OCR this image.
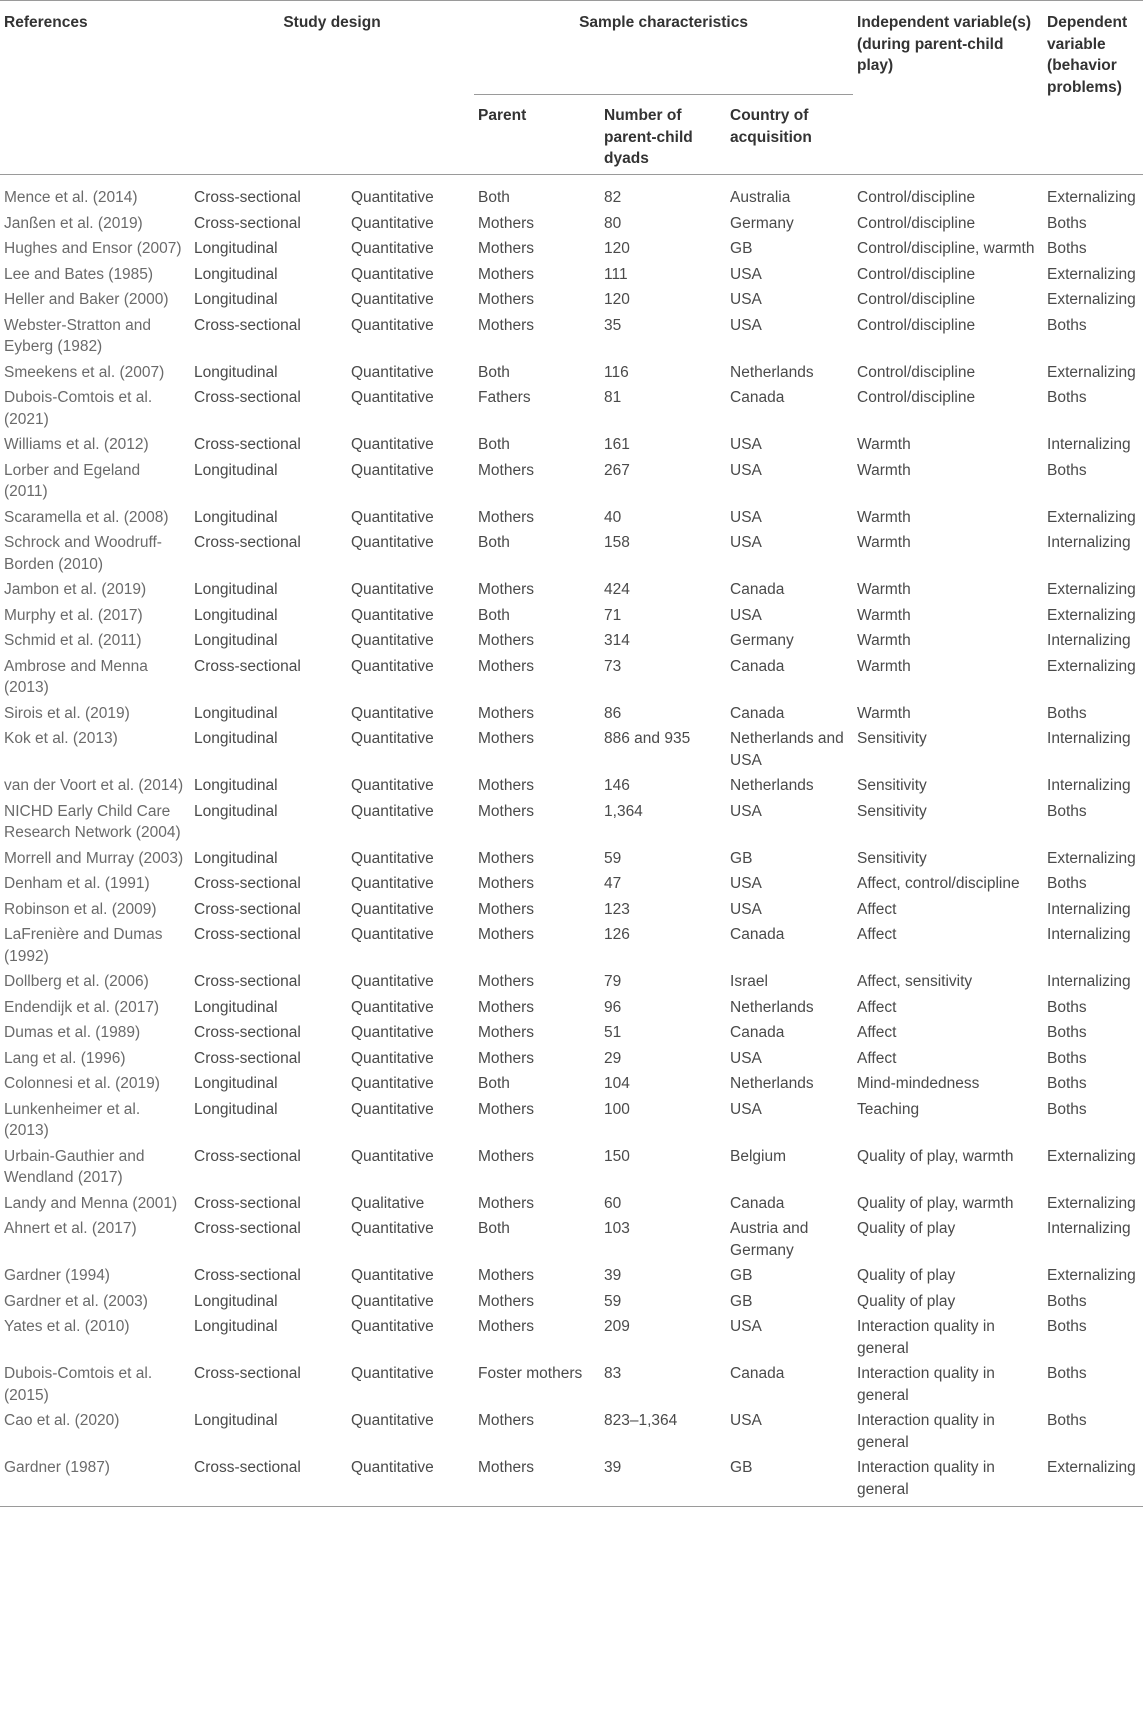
References	Study design		Sample characteristics			Independent variable(s) (during parent-child play)	Dependent variable (behavior problems)
			Parent	Number of parent-child dyads	Country of acquisition		
Mence et al. (2014)	Cross-sectional	Quantitative	Both	82	Australia	Control/discipline	Externalizing
Janßen et al. (2019)	Cross-sectional	Quantitative	Mothers	80	Germany	Control/discipline	Boths
Hughes and Ensor (2007)	Longitudinal	Quantitative	Mothers	120	GB	Control/discipline, warmth	Boths
Lee and Bates (1985)	Longitudinal	Quantitative	Mothers	111	USA	Control/discipline	Externalizing
Heller and Baker (2000)	Longitudinal	Quantitative	Mothers	120	USA	Control/discipline	Externalizing
Webster-Stratton and Eyberg (1982)	Cross-sectional	Quantitative	Mothers	35	USA	Control/discipline	Boths
Smeekens et al. (2007)	Longitudinal	Quantitative	Both	116	Netherlands	Control/discipline	Externalizing
Dubois-Comtois et al. (2021)	Cross-sectional	Quantitative	Fathers	81	Canada	Control/discipline	Boths
Williams et al. (2012)	Cross-sectional	Quantitative	Both	161	USA	Warmth	Internalizing
Lorber and Egeland (2011)	Longitudinal	Quantitative	Mothers	267	USA	Warmth	Boths
Scaramella et al. (2008)	Longitudinal	Quantitative	Mothers	40	USA	Warmth	Externalizing
Schrock and Woodruff-Borden (2010)	Cross-sectional	Quantitative	Both	158	USA	Warmth	Internalizing
Jambon et al. (2019)	Longitudinal	Quantitative	Mothers	424	Canada	Warmth	Externalizing
Murphy et al. (2017)	Longitudinal	Quantitative	Both	71	USA	Warmth	Externalizing
Schmid et al. (2011)	Longitudinal	Quantitative	Mothers	314	Germany	Warmth	Internalizing
Ambrose and Menna (2013)	Cross-sectional	Quantitative	Mothers	73	Canada	Warmth	Externalizing
Sirois et al. (2019)	Longitudinal	Quantitative	Mothers	86	Canada	Warmth	Boths
Kok et al. (2013)	Longitudinal	Quantitative	Mothers	886 and 935	Netherlands and USA	Sensitivity	Internalizing
van der Voort et al. (2014)	Longitudinal	Quantitative	Mothers	146	Netherlands	Sensitivity	Internalizing
NICHD Early Child Care Research Network (2004)	Longitudinal	Quantitative	Mothers	1,364	USA	Sensitivity	Boths
Morrell and Murray (2003)	Longitudinal	Quantitative	Mothers	59	GB	Sensitivity	Externalizing
Denham et al. (1991)	Cross-sectional	Quantitative	Mothers	47	USA	Affect, control/discipline	Boths
Robinson et al. (2009)	Cross-sectional	Quantitative	Mothers	123	USA	Affect	Internalizing
LaFrenière and Dumas (1992)	Cross-sectional	Quantitative	Mothers	126	Canada	Affect	Internalizing
Dollberg et al. (2006)	Cross-sectional	Quantitative	Mothers	79	Israel	Affect, sensitivity	Internalizing
Endendijk et al. (2017)	Longitudinal	Quantitative	Mothers	96	Netherlands	Affect	Boths
Dumas et al. (1989)	Cross-sectional	Quantitative	Mothers	51	Canada	Affect	Boths
Lang et al. (1996)	Cross-sectional	Quantitative	Mothers	29	USA	Affect	Boths
Colonnesi et al. (2019)	Longitudinal	Quantitative	Both	104	Netherlands	Mind-mindedness	Boths
Lunkenheimer et al. (2013)	Longitudinal	Quantitative	Mothers	100	USA	Teaching	Boths
Urbain-Gauthier and Wendland (2017)	Cross-sectional	Quantitative	Mothers	150	Belgium	Quality of play, warmth	Externalizing
Landy and Menna (2001)	Cross-sectional	Qualitative	Mothers	60	Canada	Quality of play, warmth	Externalizing
Ahnert et al. (2017)	Cross-sectional	Quantitative	Both	103	Austria and Germany	Quality of play	Internalizing
Gardner (1994)	Cross-sectional	Quantitative	Mothers	39	GB	Quality of play	Externalizing
Gardner et al. (2003)	Longitudinal	Quantitative	Mothers	59	GB	Quality of play	Boths
Yates et al. (2010)	Longitudinal	Quantitative	Mothers	209	USA	Interaction quality in general	Boths
Dubois-Comtois et al. (2015)	Cross-sectional	Quantitative	Foster mothers	83	Canada	Interaction quality in general	Boths
Cao et al. (2020)	Longitudinal	Quantitative	Mothers	823–1,364	USA	Interaction quality in general	Boths
Gardner (1987)	Cross-sectional	Quantitative	Mothers	39	GB	Interaction quality in general	Externalizing
